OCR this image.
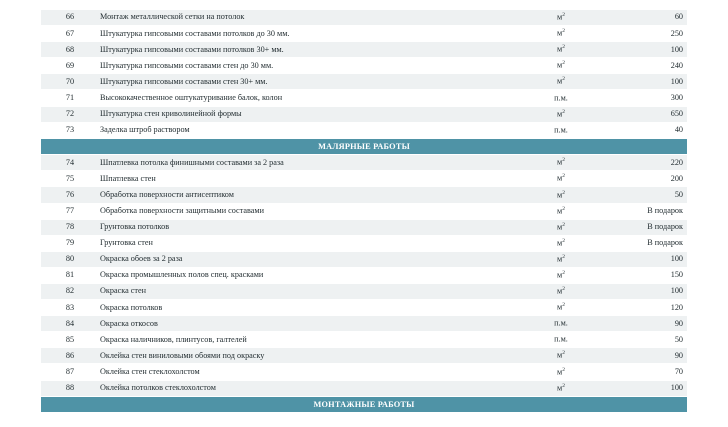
66	Монтаж металлической сетки на потолок	$м^2$	60
67	Штукатурка гипсовыми составами потолков до 30 мм.	$м^2$	250
68	Штукатурка гипсовыми составами потолков 30+ мм.	$м^2$	100
69	Штукатурка гипсовыми составами стен до 30 мм.	$м^2$	240
70	Штукатурка гипсовыми составами стен 30+ мм.	$м^2$	100
71	Высококачественное оштукатуривание балок, колон	п.м.	300
72	Штукатурка стен криволинейной формы	$м^2$	650
73	Заделка штроб раствором	п.м.	40
МАЛЯРНЫЕ РАБОТЫ
74	Шпатлевка потолка финишными составами за 2 раза	$м^2$	220
75	Шпатлевка стен	$м^2$	200
76	Обработка поверхности антисептиком	$м^2$	50
77	Обработка поверхности защитными составами	$м^2$	В подарок
78	Грунтовка потолков	$м^2$	В подарок
79	Грунтовка стен	$м^2$	В подарок
80	Окраска обоев за 2 раза	$м^2$	100
81	Окраска промышленных полов спец. красками	$м^2$	150
82	Окраска стен	$м^2$	100
83	Окраска потолков	$м^2$	120
84	Окраска откосов	п.м.	90
85	Окраска наличников, плинтусов, галтелей	п.м.	50
86	Оклейка стен виниловыми обоями под окраску	$м^2$	90
87	Оклейка стен стеклохолстом	$м^2$	70
88	Оклейка потолков стеклохолстом	$м^2$	100
МОНТАЖНЫЕ РАБОТЫ
